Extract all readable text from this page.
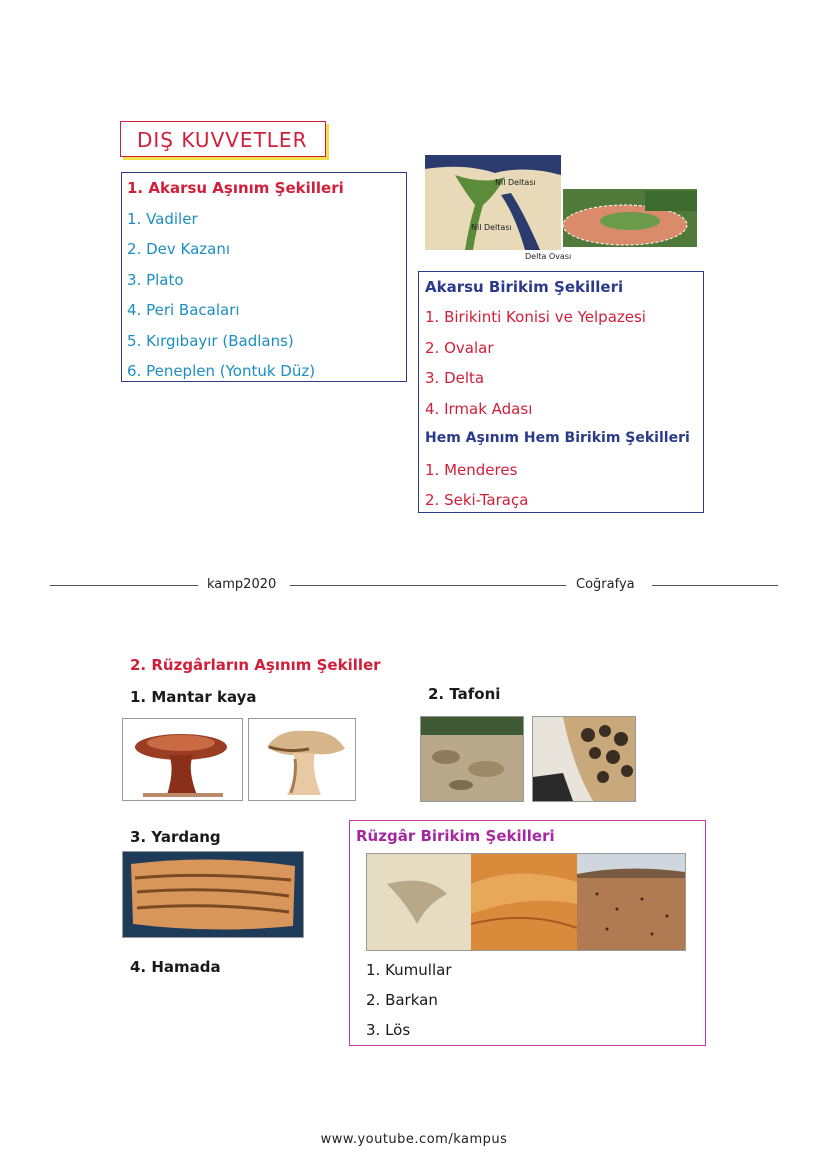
DIŞ KUVVETLER
1. Akarsu Aşınım Şekilleri
1. Vadiler
2. Dev Kazanı
3. Plato
4. Peri Bacaları
5. Kırgıbayır (Badlans)
6. Peneplen (Yontuk Düz)
Nil Deltası
Nil Deltası
Delta Ovası
Akarsu Birikim Şekilleri
1. Birikinti Konisi ve Yelpazesi
2. Ovalar
3. Delta
4. Irmak Adası
Hem Aşınım Hem Birikim Şekilleri
1. Menderes
2. Seki-Taraça
kamp2020	Coğrafya
2. Rüzgârların Aşınım Şekiller
1. Mantar kaya	2. Tafoni
3. Yardang
4. Hamada
Rüzgâr Birikim Şekilleri
1. Kumullar
2. Barkan
3. Lös
www.youtube.com/kampus
